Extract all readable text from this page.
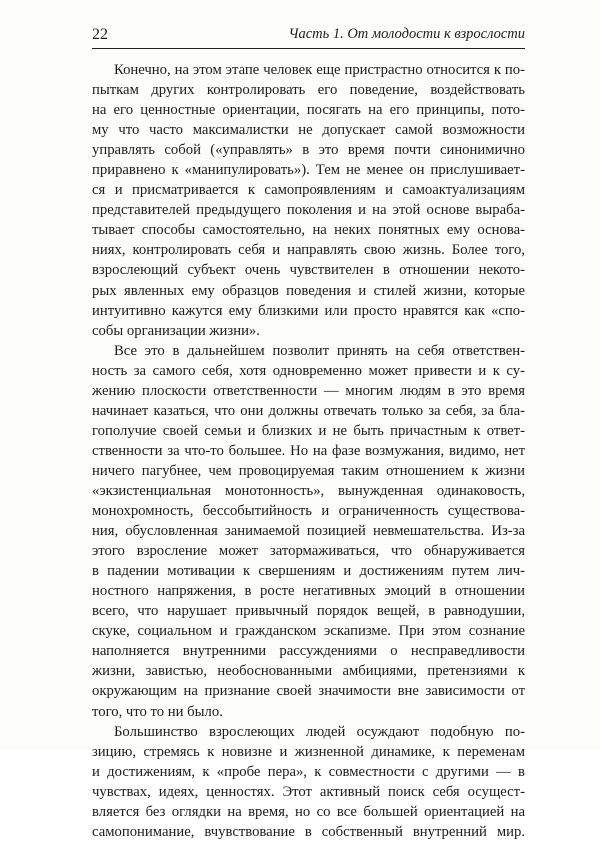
22	Часть 1. От молодости к взрослости

Конечно, на этом этапе человек еще пристрастно относится к по-
пыткам других контролировать его поведение, воздействовать
на его ценностные ориентации, посягать на его принципы, пото-
му что часто максималистки не допускает самой возможности
управлять собой («управлять» в это время почти синонимично
приравнено к «манипулировать»). Тем не менее он прислушивает-
ся и присматривается к самопроявлениям и самоактуализациям
представителей предыдущего поколения и на этой основе выраба-
тывает способы самостоятельно, на неких понятных ему основа-
ниях, контролировать себя и направлять свою жизнь. Более того,
взрослеющий субъект очень чувствителен в отношении некото-
рых явленных ему образцов поведения и стилей жизни, которые
интуитивно кажутся ему близкими или просто нравятся как «спо-
собы организации жизни».

Все это в дальнейшем позволит принять на себя ответствен-
ность за самого себя, хотя одновременно может привести и к су-
жению плоскости ответственности — многим людям в это время
начинает казаться, что они должны отвечать только за себя, за бла-
гополучие своей семьи и близких и не быть причастным к ответ-
ственности за что-то большее. Но на фазе возмужания, видимо, нет
ничего пагубнее, чем провоцируемая таким отношением к жизни
«экзистенциальная монотонность», вынужденная одинаковость,
монохромность, бессобытийность и ограниченность существова-
ния, обусловленная занимаемой позицией невмешательства. Из-за
этого взросление может затормаживаться, что обнаруживается
в падении мотивации к свершениям и достижениям путем лич-
ностного напряжения, в росте негативных эмоций в отношении
всего, что нарушает привычный порядок вещей, в равнодушии,
скуке, социальном и гражданском эскапизме. При этом сознание
наполняется внутренними рассуждениями о несправедливости
жизни, завистью, необоснованными амбициями, претензиями к
окружающим на признание своей значимости вне зависимости от
того, что то ни было.

Большинство взрослеющих людей осуждают подобную по-
зицию, стремясь к новизне и жизненной динамике, к переменам
и достижениям, к «пробе пера», к совместности с другими — в
чувствах, идеях, ценностях. Этот активный поиск себя осущест-
вляется без оглядки на время, но со все большей ориентацией на
самопонимание, вчувствование в собственный внутренний мир.
